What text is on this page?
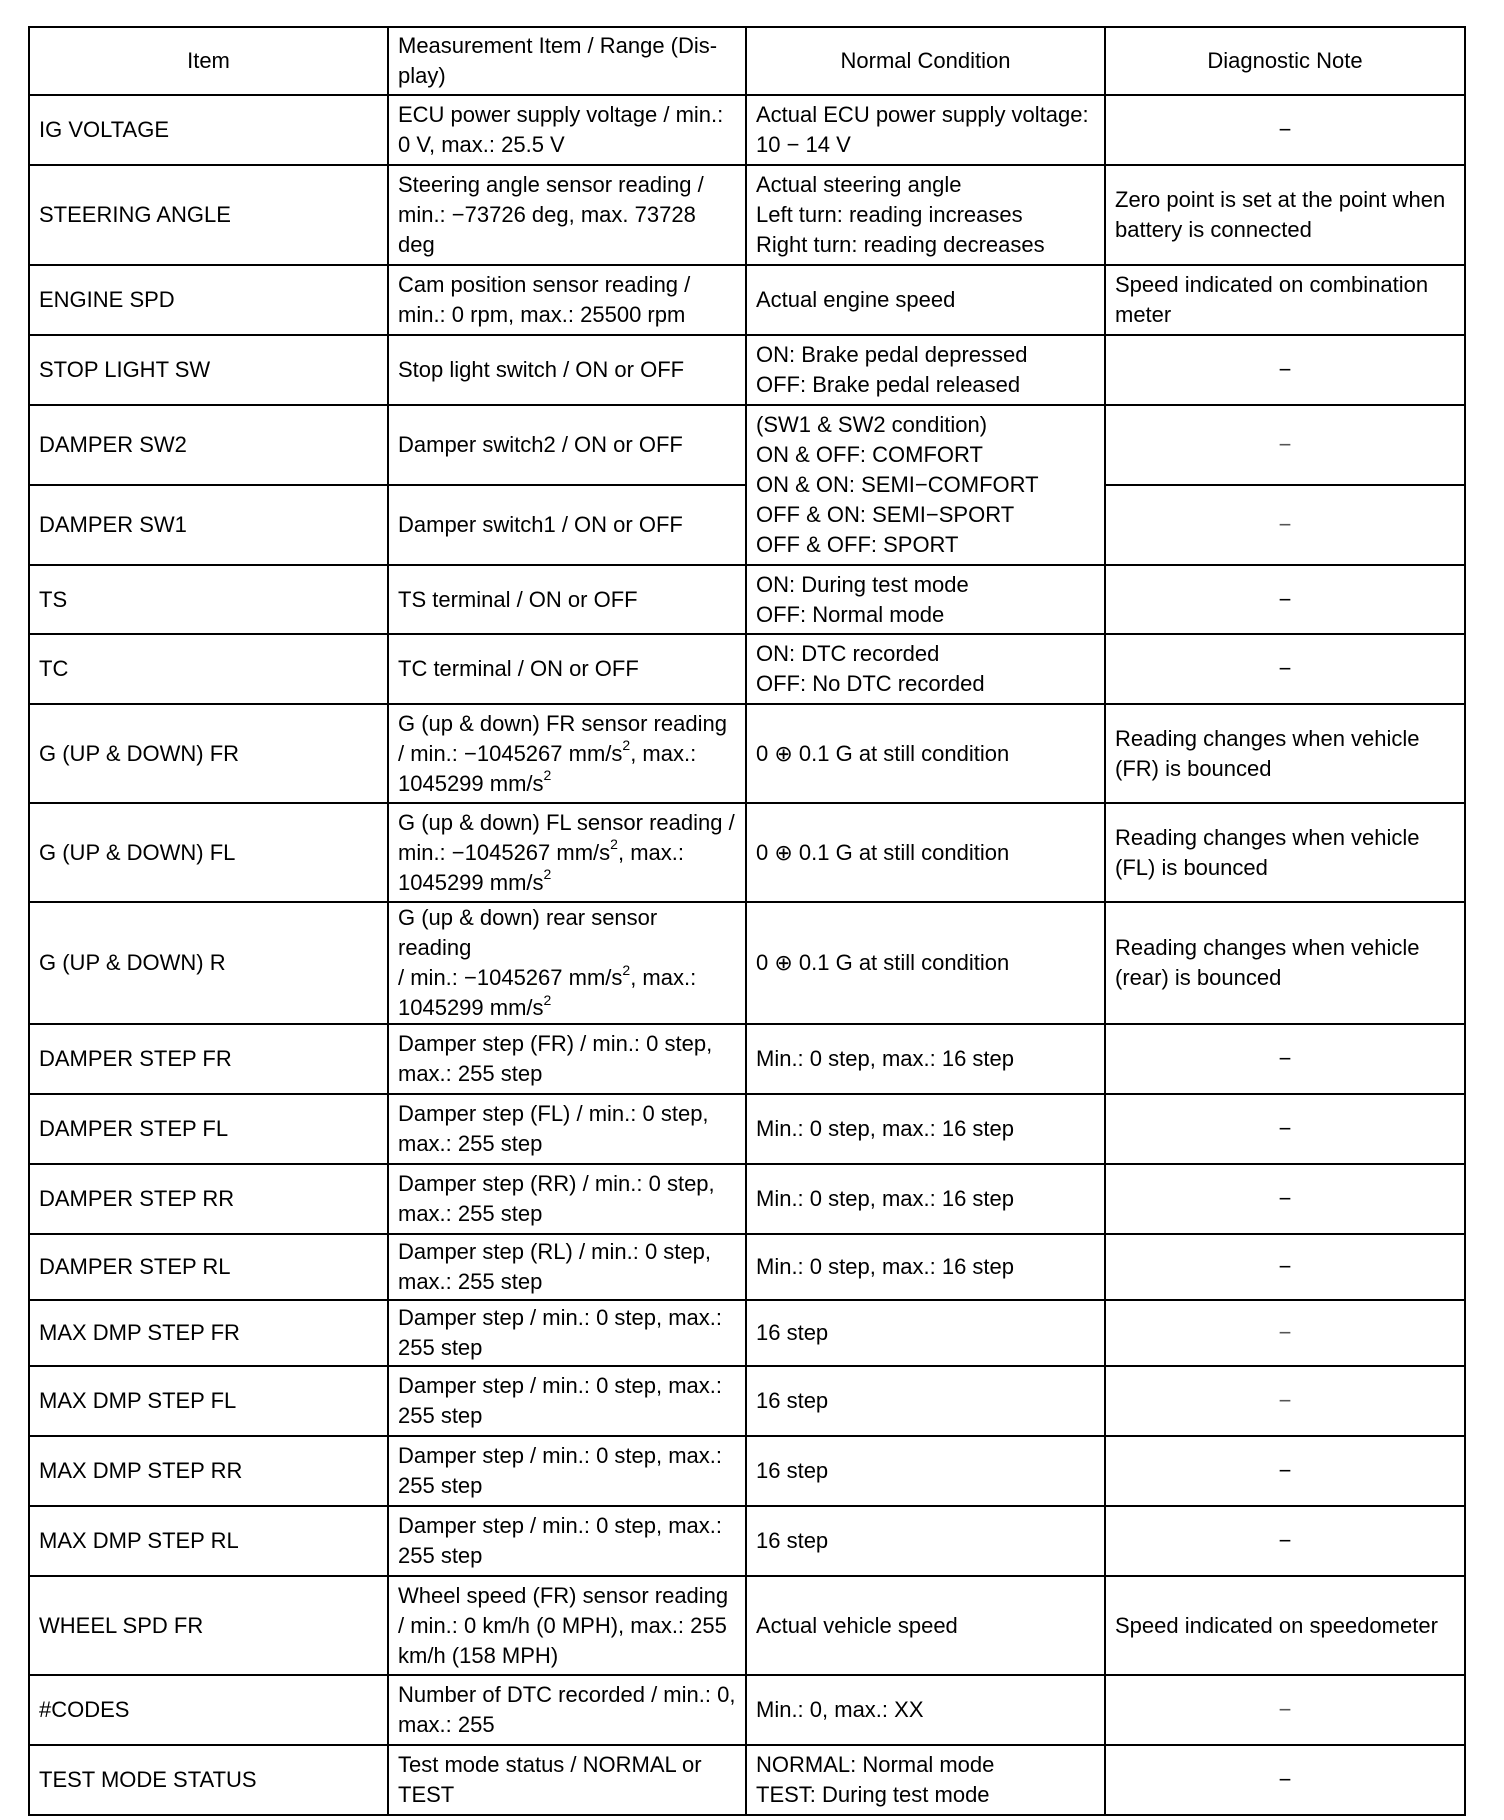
Item	Measurement Item / Range (Dis-
play)	Normal Condition	Diagnostic Note

IG VOLTAGE	ECU power supply voltage / min.:
0 V, max.: 25.5 V	Actual ECU power supply voltage:
10 − 14 V	−

STEERING ANGLE	Steering angle sensor reading /
min.: −73726 deg, max. 73728 deg	Actual steering angle
Left turn: reading increases
Right turn: reading decreases	Zero point is set at the point when
battery is connected

ENGINE SPD	Cam position sensor reading /
min.: 0 rpm, max.: 25500 rpm	Actual engine speed	Speed indicated on combination
meter

STOP LIGHT SW	Stop light switch / ON or OFF	ON: Brake pedal depressed
OFF: Brake pedal released	−

DAMPER SW2	Damper switch2 / ON or OFF	(SW1 & SW2 condition)
ON & OFF: COMFORT
ON & ON: SEMI−COMFORT
OFF & ON: SEMI−SPORT
OFF & OFF: SPORT	−

DAMPER SW1	Damper switch1 / ON or OFF		−

TS	TS terminal / ON or OFF	ON: During test mode
OFF: Normal mode	−

TC	TC terminal / ON or OFF	ON: DTC recorded
OFF: No DTC recorded	−

G (UP & DOWN) FR	G (up & down) FR sensor reading
/ min.: −1045267 $mm/s^2$, max.:
1045299 $mm/s^2$	0 ⊕ 0.1 G at still condition	Reading changes when vehicle
(FR) is bounced

G (UP & DOWN) FL	G (up & down) FL sensor reading /
min.: −1045267 $mm/s^2$, max.:
1045299 $mm/s^2$	0 ⊕ 0.1 G at still condition	Reading changes when vehicle
(FL) is bounced

G (UP & DOWN) R	G (up & down) rear sensor reading
/ min.: −1045267 $mm/s^2$, max.:
1045299 $mm/s^2$	0 ⊕ 0.1 G at still condition	Reading changes when vehicle
(rear) is bounced

DAMPER STEP FR	Damper step (FR) / min.: 0 step,
max.: 255 step	Min.: 0 step, max.: 16 step	−

DAMPER STEP FL	Damper step (FL) / min.: 0 step,
max.: 255 step	Min.: 0 step, max.: 16 step	−

DAMPER STEP RR	Damper step (RR) / min.: 0 step,
max.: 255 step	Min.: 0 step, max.: 16 step	−

DAMPER STEP RL	Damper step (RL) / min.: 0 step,
max.: 255 step	Min.: 0 step, max.: 16 step	−

MAX DMP STEP FR	Damper step / min.: 0 step, max.:
255 step	16 step	−

MAX DMP STEP FL	Damper step / min.: 0 step, max.:
255 step	16 step	−

MAX DMP STEP RR	Damper step / min.: 0 step, max.:
255 step	16 step	−

MAX DMP STEP RL	Damper step / min.: 0 step, max.:
255 step	16 step	−

WHEEL SPD FR	Wheel speed (FR) sensor reading
/ min.: 0 km/h (0 MPH), max.: 255
km/h (158 MPH)	Actual vehicle speed	Speed indicated on speedometer

#CODES	Number of DTC recorded / min.: 0,
max.: 255	Min.: 0, max.: XX	−

TEST MODE STATUS	Test mode status / NORMAL or
TEST	NORMAL: Normal mode
TEST: During test mode	−
